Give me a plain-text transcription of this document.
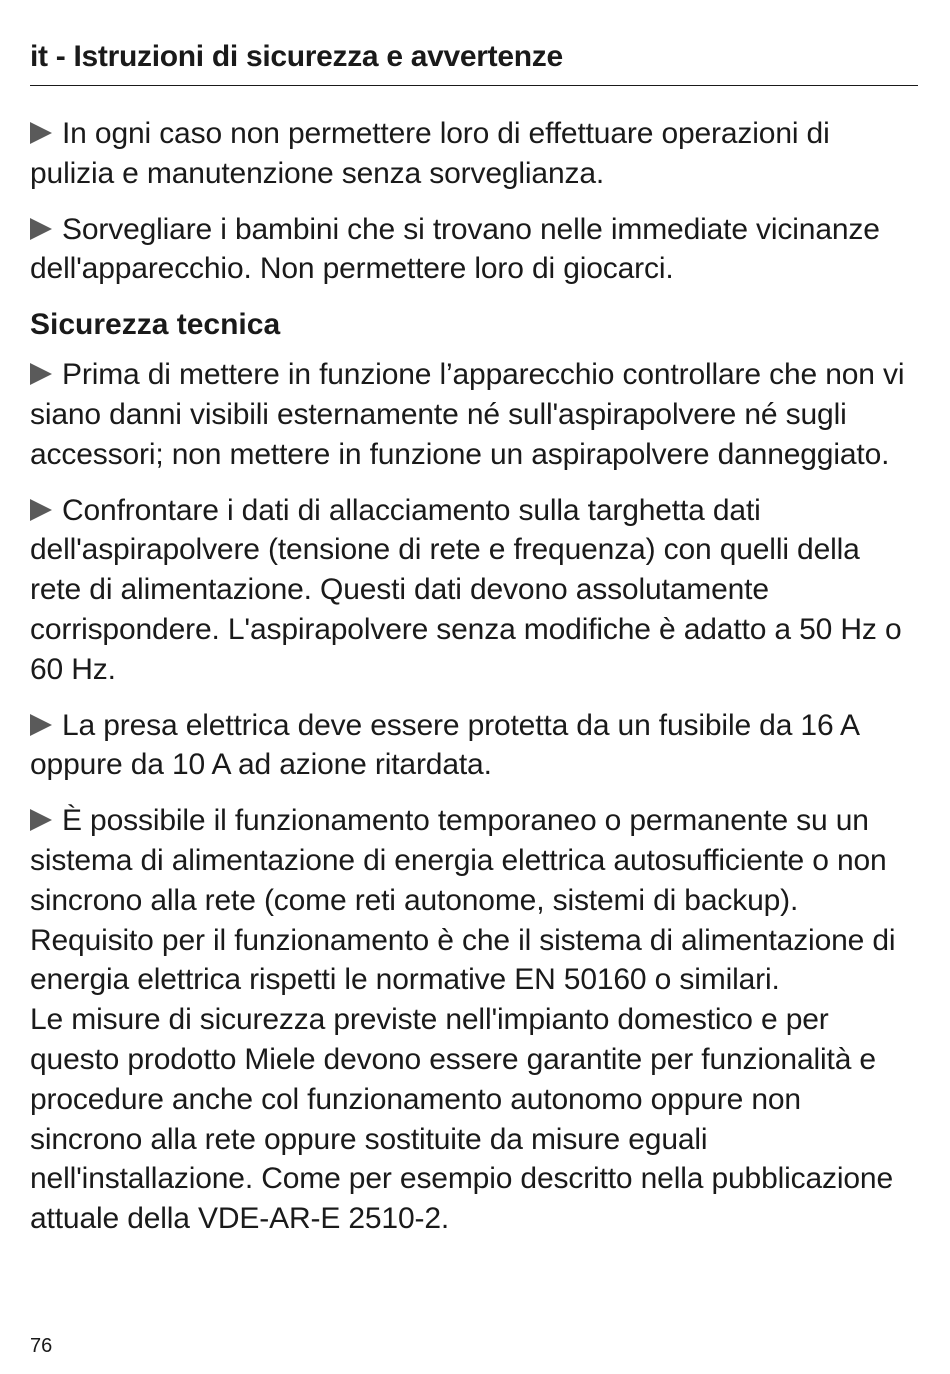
it - Istruzioni di sicurezza e avvertenze

In ogni caso non permettere loro di effettuare operazioni di pulizia e manutenzione senza sorveglianza.

Sorvegliare i bambini che si trovano nelle immediate vicinanze dell'apparecchio. Non permettere loro di giocarci.

Sicurezza tecnica

Prima di mettere in funzione l’apparecchio controllare che non vi siano danni visibili esternamente né sull'aspirapolvere né sugli accessori; non mettere in funzione un aspirapolvere danneggiato.

Confrontare i dati di allacciamento sulla targhetta dati dell'aspirapolvere (tensione di rete e frequenza) con quelli della rete di alimentazione. Questi dati devono assolutamente corrispondere. L'aspirapolvere senza modifiche è adatto a 50 Hz o 60 Hz.

La presa elettrica deve essere protetta da un fusibile da 16 A oppure da 10 A ad azione ritardata.

È possibile il funzionamento temporaneo o permanente su un sistema di alimentazione di energia elettrica autosufficiente o non sincrono alla rete (come reti autonome, sistemi di backup). Requisito per il funzionamento è che il sistema di alimentazione di energia elettrica rispetti le normative EN 50160 o similari.

Le misure di sicurezza previste nell'impianto domestico e per questo prodotto Miele devono essere garantite per funzionalità e procedure anche col funzionamento autonomo oppure non sincrono alla rete oppure sostituite da misure eguali nell'installazione. Come per esempio descritto nella pubblicazione attuale della VDE-AR-E 2510-2.

76
